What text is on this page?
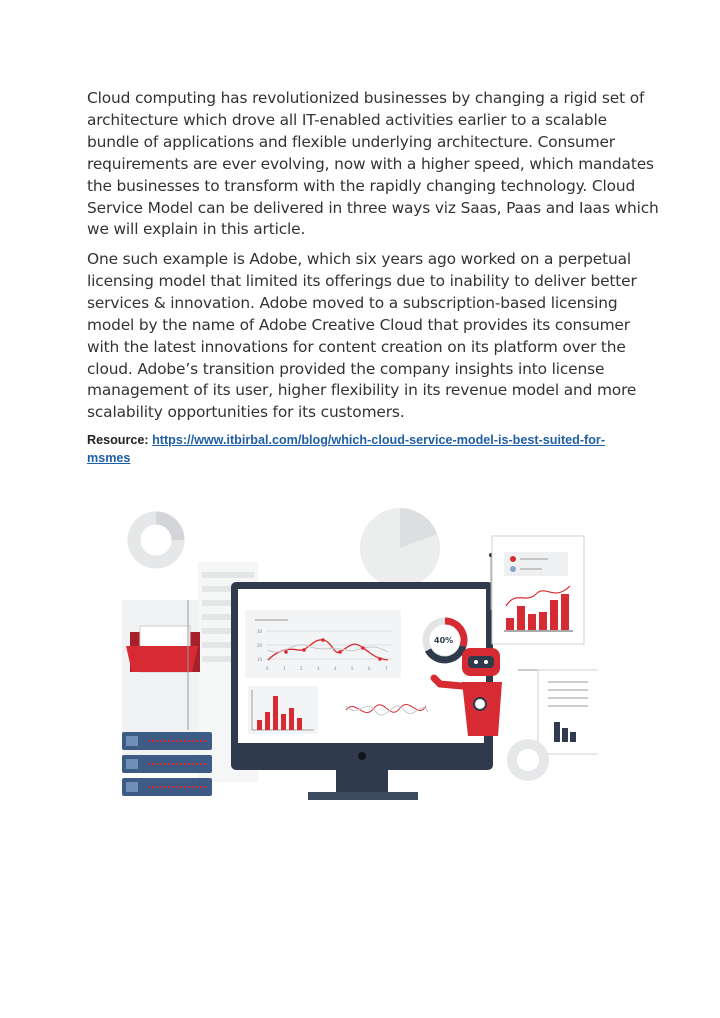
Cloud computing has revolutionized businesses by changing a rigid set of
architecture which drove all IT-enabled activities earlier to a scalable
bundle of applications and flexible underlying architecture. Consumer
requirements are ever evolving, now with a higher speed, which mandates
the businesses to transform with the rapidly changing technology. Cloud
Service Model can be delivered in three ways viz Saas, Paas and Iaas which
we will explain in this article.
One such example is Adobe, which six years ago worked on a perpetual
licensing model that limited its offerings due to inability to deliver better
services & innovation. Adobe moved to a subscription-based licensing
model by the name of Adobe Creative Cloud that provides its consumer
with the latest innovations for content creation on its platform over the
cloud. Adobe’s transition provided the company insights into license
management of its user, higher flexibility in its revenue model and more
scalability opportunities for its customers.
Resource: https://www.itbirbal.com/blog/which-cloud-service-model-is-best-suited-for-
msmes
30
20
10
0	1	2	3	4	5	6	7
40%
